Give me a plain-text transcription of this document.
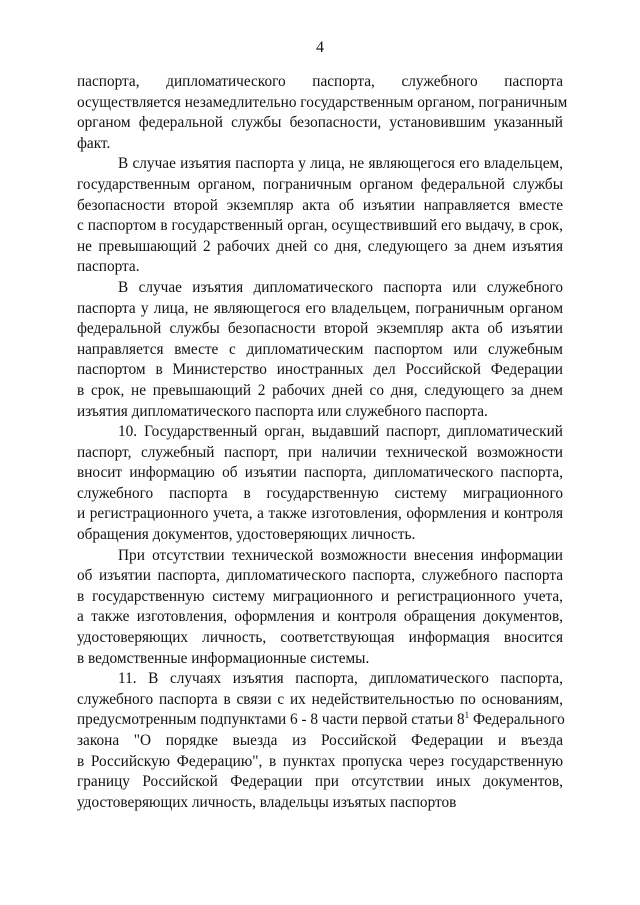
4
паспорта, дипломатического паспорта, служебного паспорта
осуществляется незамедлительно государственным органом, пограничным
органом федеральной службы безопасности, установившим указанный
факт.
В случае изъятия паспорта у лица, не являющегося его владельцем,
государственным органом, пограничным органом федеральной службы
безопасности второй экземпляр акта об изъятии направляется вместе
с паспортом в государственный орган, осуществивший его выдачу, в срок,
не превышающий 2 рабочих дней со дня, следующего за днем изъятия
паспорта.
В случае изъятия дипломатического паспорта или служебного
паспорта у лица, не являющегося его владельцем, пограничным органом
федеральной службы безопасности второй экземпляр акта об изъятии
направляется вместе с дипломатическим паспортом или служебным
паспортом в Министерство иностранных дел Российской Федерации
в срок, не превышающий 2 рабочих дней со дня, следующего за днем
изъятия дипломатического паспорта или служебного паспорта.
10. Государственный орган, выдавший паспорт, дипломатический
паспорт, служебный паспорт, при наличии технической возможности
вносит информацию об изъятии паспорта, дипломатического паспорта,
служебного паспорта в государственную систему миграционного
и регистрационного учета, а также изготовления, оформления и контроля
обращения документов, удостоверяющих личность.
При отсутствии технической возможности внесения информации
об изъятии паспорта, дипломатического паспорта, служебного паспорта
в государственную систему миграционного и регистрационного учета,
а также изготовления, оформления и контроля обращения документов,
удостоверяющих личность, соответствующая информация вносится
в ведомственные информационные системы.
11. В случаях изъятия паспорта, дипломатического паспорта,
служебного паспорта в связи с их недействительностью по основаниям,
предусмотренным подпунктами 6 - 8 части первой статьи $8^1$ Федерального
закона "О порядке выезда из Российской Федерации и въезда
в Российскую Федерацию", в пунктах пропуска через государственную
границу Российской Федерации при отсутствии иных документов,
удостоверяющих личность, владельцы изъятых паспортов
